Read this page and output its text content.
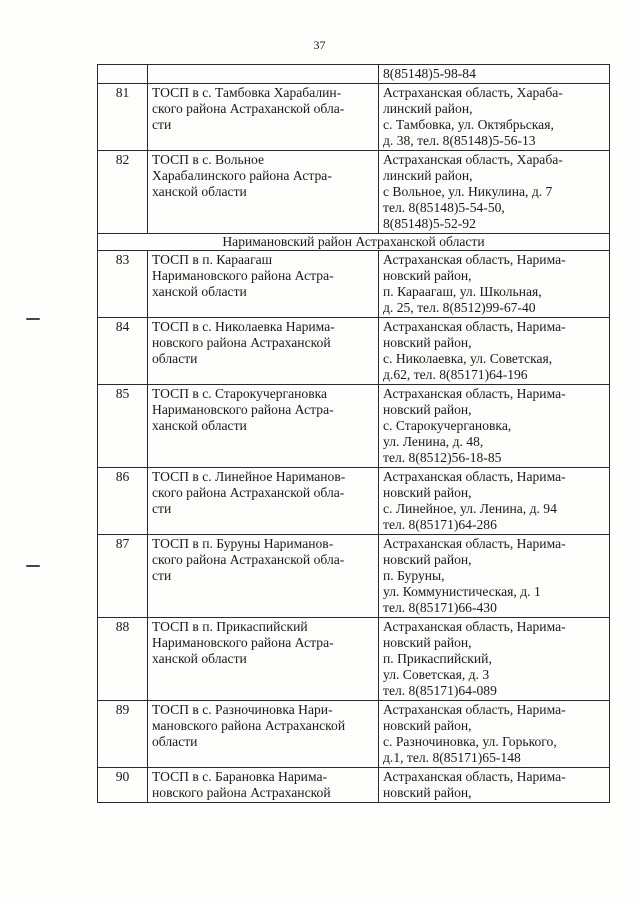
37
		8(85148)5-98-84
81	ТОСП в с. Тамбовка Харабалин-
ского района Астраханской обла-
сти	Астраханская область, Хараба-
линский район,
с. Тамбовка, ул. Октябрьская,
д. 38, тел. 8(85148)5-56-13
82	ТОСП в с. Вольное
Харабалинского района Астра-
ханской области	Астраханская область, Хараба-
линский район,
с Вольное, ул. Никулина, д. 7
тел. 8(85148)5-54-50,
8(85148)5-52-92
Наримановский район Астраханской области		
83	ТОСП в п. Караагаш
Наримановского района Астра-
ханской области	Астраханская область, Нарима-
новский район,
п. Караагаш, ул. Школьная,
д. 25, тел. 8(8512)99-67-40
84	ТОСП в с. Николаевка Нарима-
новского района Астраханской
области	Астраханская область, Нарима-
новский район,
с. Николаевка, ул. Советская,
д.62, тел. 8(85171)64-196
85	ТОСП в с. Старокучергановка
Наримановского района Астра-
ханской области	Астраханская область, Нарима-
новский район,
с. Старокучергановка,
ул. Ленина, д. 48,
тел. 8(8512)56-18-85
86	ТОСП в с. Линейное Нариманов-
ского района Астраханской обла-
сти	Астраханская область, Нарима-
новский район,
с. Линейное, ул. Ленина, д. 94
тел. 8(85171)64-286
87	ТОСП в п. Буруны Нариманов-
ского района Астраханской обла-
сти	Астраханская область, Нарима-
новский район,
п. Буруны,
ул. Коммунистическая, д. 1
тел. 8(85171)66-430
88	ТОСП в п. Прикаспийский
Наримановского района Астра-
ханской области	Астраханская область, Нарима-
новский район,
п. Прикаспийский,
ул. Советская, д. 3
тел. 8(85171)64-089
89	ТОСП в с. Разночиновка Нари-
мановского района Астраханской
области	Астраханская область, Нарима-
новский район,
с. Разночиновка, ул. Горького,
д.1, тел. 8(85171)65-148
90	ТОСП в с. Барановка Нарима-
новского района Астраханской	Астраханская область, Нарима-
новский район,
